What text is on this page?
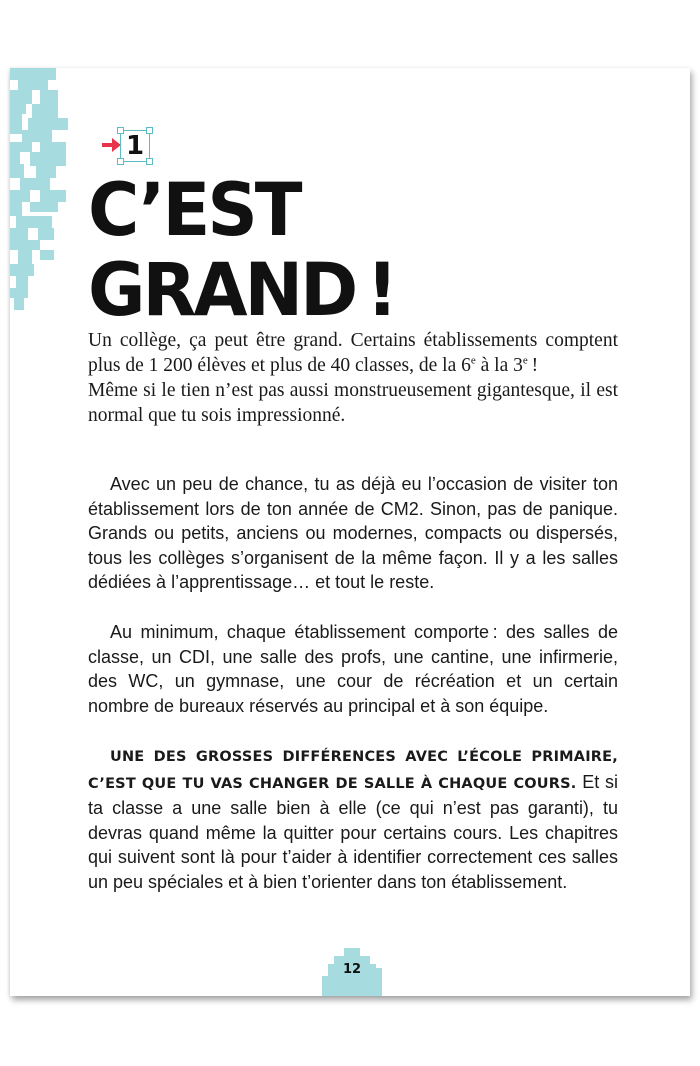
1
C’EST
GRAND !

Un collège, ça peut être grand. Certains établissements comptent plus de 1 200 élèves et plus de 40 classes, de la 6e à la 3e !
Même si le tien n’est pas aussi monstrueusement gigantesque, il est normal que tu sois impressionné.

Avec un peu de chance, tu as déjà eu l’occasion de visiter ton établissement lors de ton année de CM2. Sinon, pas de panique. Grands ou petits, anciens ou modernes, compacts ou dispersés, tous les collèges s’organisent de la même façon. Il y a les salles dédiées à l’apprentissage… et tout le reste.

Au minimum, chaque établissement comporte : des salles de classe, un CDI, une salle des profs, une cantine, une infirmerie, des WC, un gymnase, une cour de récréation et un certain nombre de bureaux réservés au principal et à son équipe.

UNE DES GROSSES DIFFÉRENCES AVEC L’ÉCOLE PRIMAIRE, C’EST QUE TU VAS CHANGER DE SALLE À CHAQUE COURS. Et si ta classe a une salle bien à elle (ce qui n’est pas garanti), tu devras quand même la quitter pour certains cours. Les chapitres qui suivent sont là pour t’aider à identifier correctement ces salles un peu spéciales et à bien t’orienter dans ton établissement.

12
